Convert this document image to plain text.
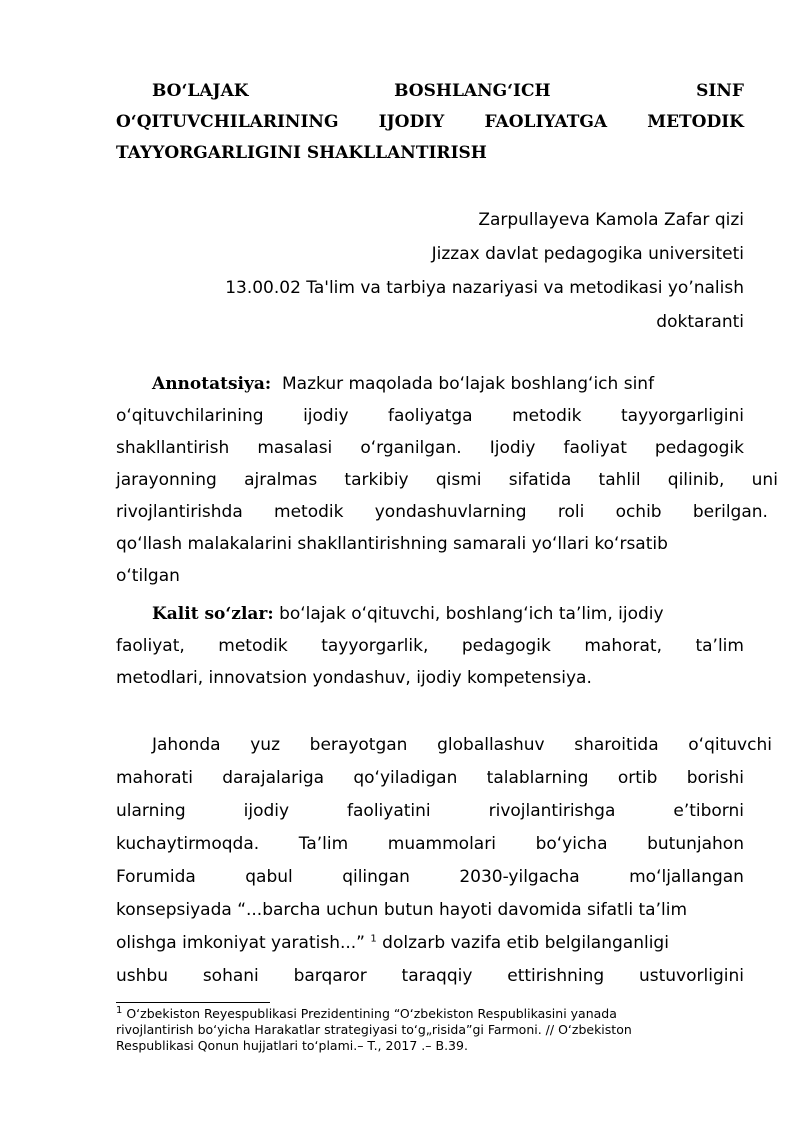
BOʻLAJAK	BOSHLANGʻICH	SINF
OʻQITUVCHILARINING IJODIY FAOLIYATGA METODIK
TAYYORGARLIGINI SHAKLLANTIRISH
Zarpullayeva Kamola Zafar qizi
Jizzax davlat pedagogika universiteti
13.00.02 Ta'lim va tarbiya nazariyasi va metodikasi yoʼnalish
doktaranti
Annotatsiya: Mazkur maqolada boʻlajak boshlangʻich sinf
oʻqituvchilarining ijodiy faoliyatga metodik tayyorgarligini
shakllantirish masalasi oʻrganilgan. Ijodiy faoliyat pedagogik
jarayonning ajralmas tarkibiy qismi sifatida tahlil qilinib, uni
rivojlantirishda metodik yondashuvlarning roli ochib berilgan.
qoʻllash malakalarini shakllantirishning samarali yoʻllari koʻrsatib
oʻtilgan
Kalit soʻzlar: boʻlajak oʻqituvchi, boshlangʻich taʼlim, ijodiy
faoliyat, metodik tayyorgarlik, pedagogik mahorat, taʼlim
metodlari, innovatsion yondashuv, ijodiy kompetensiya.
Jahonda yuz berayotgan globallashuv sharoitida oʻqituvchi
mahorati darajalariga qoʻyiladigan talablarning ortib borishi
ularning	ijodiy	faoliyatini	rivojlantirishga	eʼtiborni
kuchaytirmoqda. Taʼlim muammolari boʻyicha butunjahon
Forumida	qabul	qilingan	2030-yilgacha	moʻljallangan
konsepsiyada “...barcha uchun butun hayoti davomida sifatli taʼlim
olishga imkoniyat yaratish...” $^1$ dolzarb vazifa etib belgilanganligi
ushbu sohani barqaror taraqqiy ettirishning ustuvorligini
$^1$ Oʻzbekiston Reyespublikasi Prezidentining “Oʻzbekiston Respublikasini yanada
rivojlantirish boʻyicha Harakatlar strategiyasi toʻg„risida”gi Farmoni. // Oʻzbekiston
Respublikasi Qonun hujjatlari toʻplami.– T., 2017 .– B.39.
